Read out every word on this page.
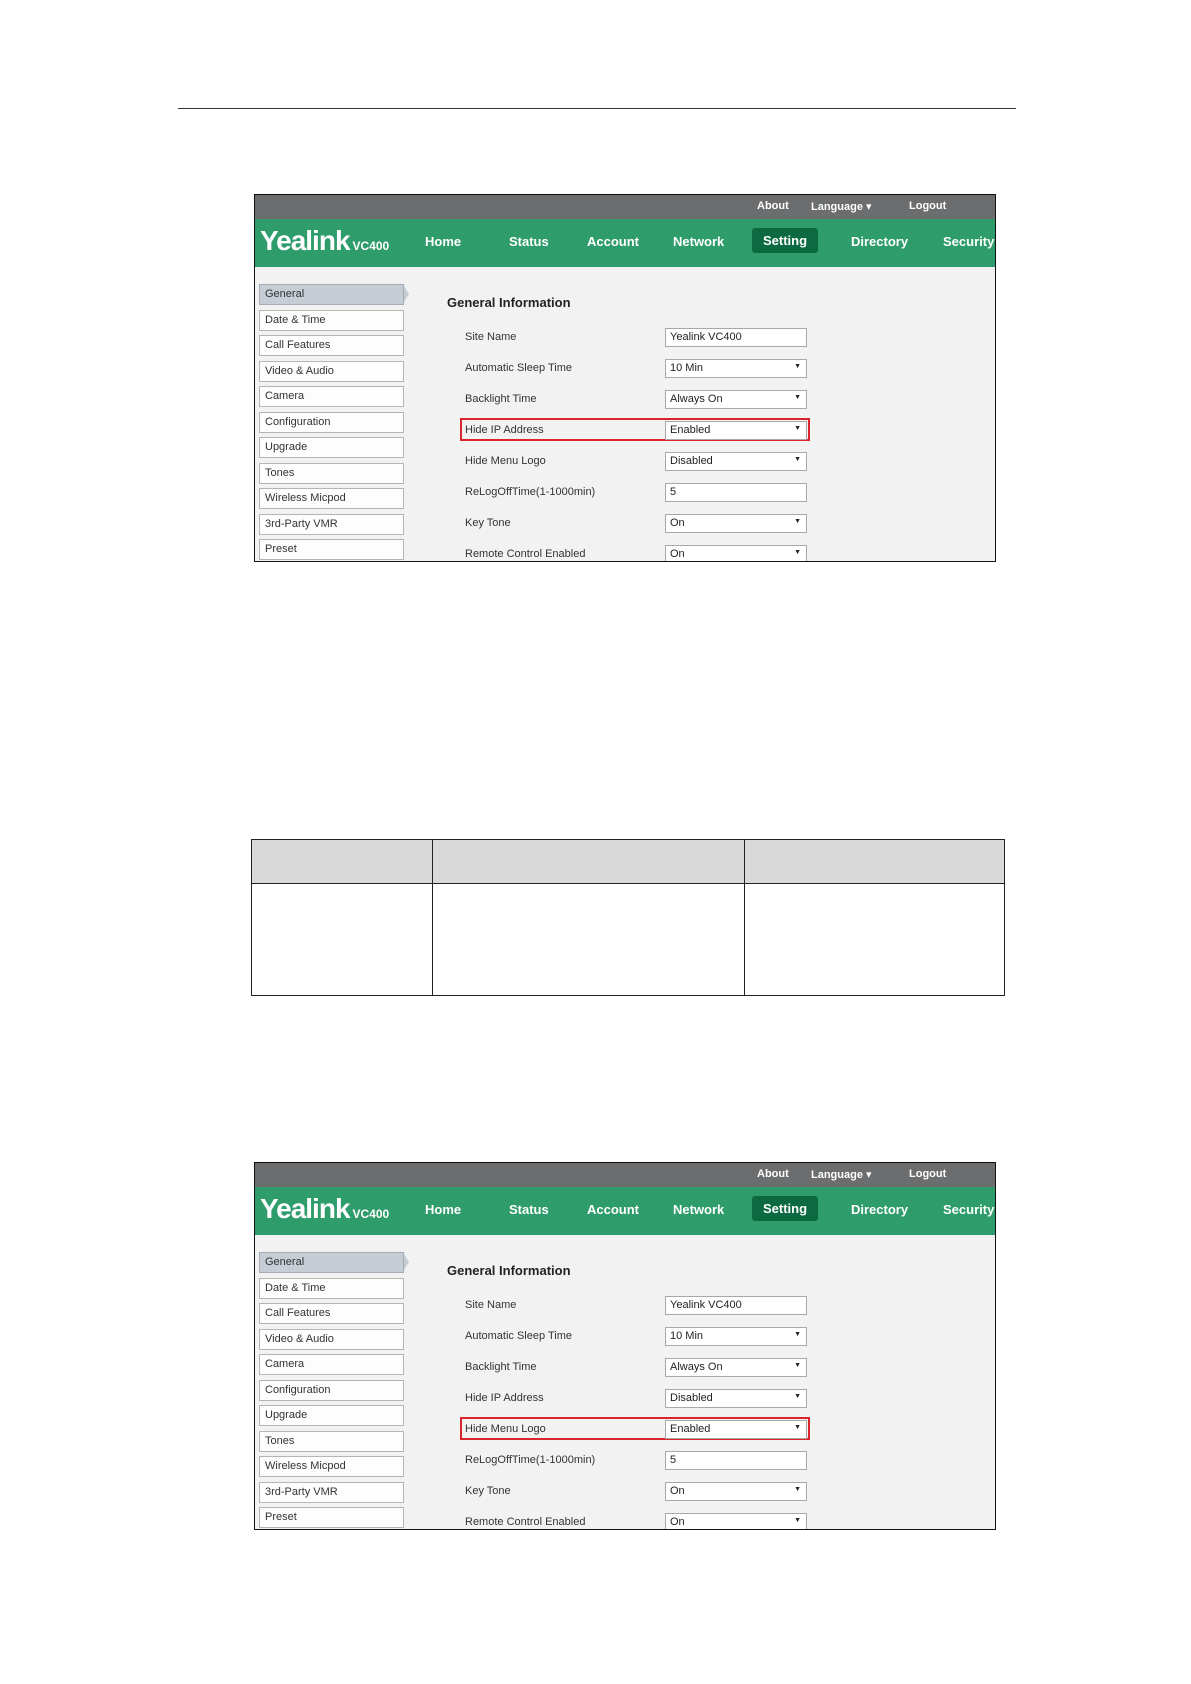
About Language ▾	Logout
Yealink VC400	Home	Status	Account	Network	Setting	Directory	Security
General
Date & Time
Call Features
Video & Audio
Camera
Configuration
Upgrade
Tones
Wireless Micpod
3rd-Party VMR
Preset
General Information
Site Name	Yealink VC400
Automatic Sleep Time	10 Min ▼
Backlight Time	Always On ▼
Hide IP Address	Enabled ▼
Hide Menu Logo	Disabled ▼
ReLogOffTime(1-1000min)	5
Key Tone	On ▼
Remote Control Enabled	On ▼

About Language ▾	Logout
Yealink VC400	Home	Status	Account	Network	Setting	Directory	Security
General
Date & Time
Call Features
Video & Audio
Camera
Configuration
Upgrade
Tones
Wireless Micpod
3rd-Party VMR
Preset
General Information
Site Name	Yealink VC400
Automatic Sleep Time	10 Min ▼
Backlight Time	Always On ▼
Hide IP Address	Disabled ▼
Hide Menu Logo	Enabled ▼
ReLogOffTime(1-1000min)	5
Key Tone	On ▼
Remote Control Enabled	On ▼
